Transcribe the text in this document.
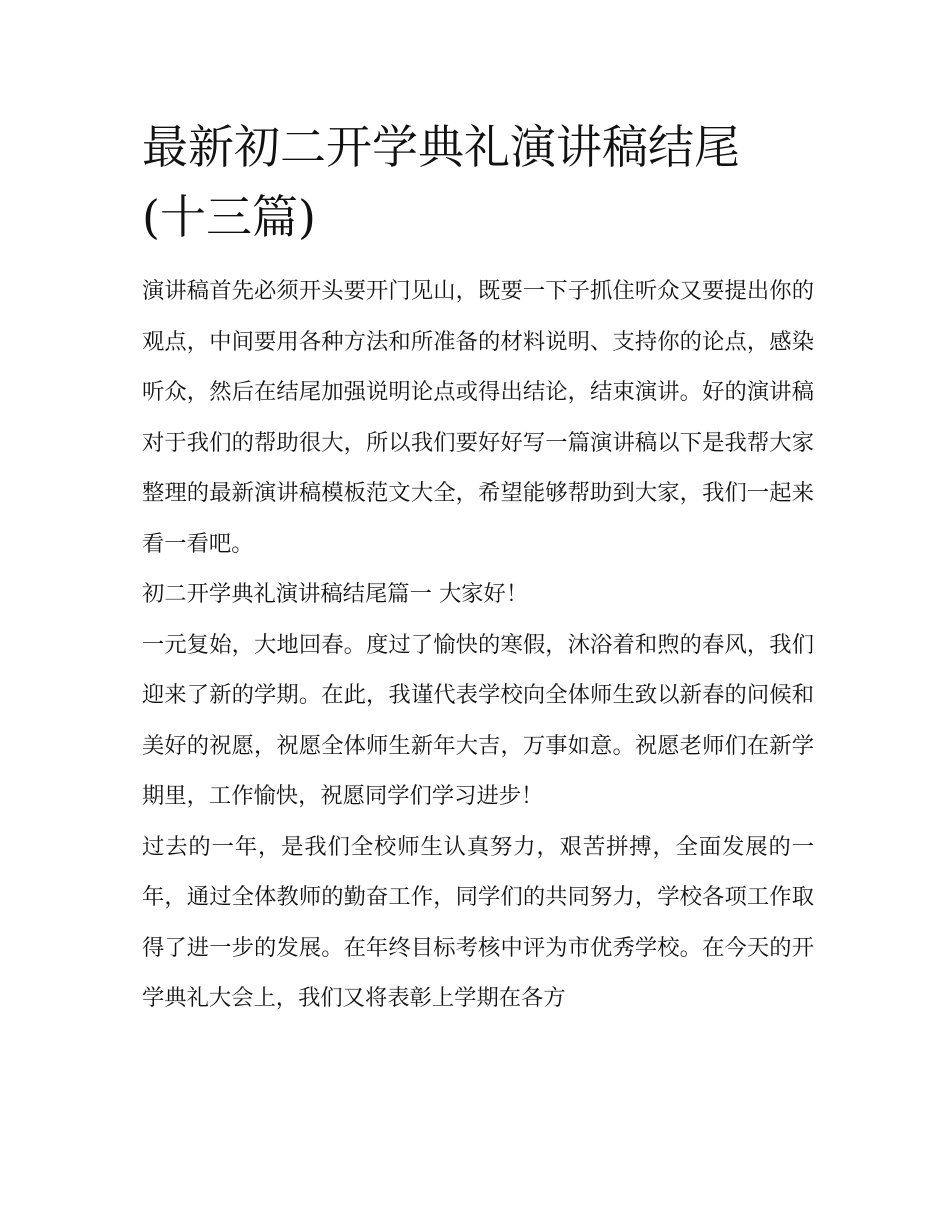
最新初二开学典礼演讲稿结尾
(十三篇)

演讲稿首先必须开头要开门见山，既要一下子抓住听众又要提出你的观点，中间要用各种方法和所准备的材料说明、支持你的论点，感染听众，然后在结尾加强说明论点或得出结论，结束演讲。好的演讲稿对于我们的帮助很大，所以我们要好好写一篇演讲稿以下是我帮大家整理的最新演讲稿模板范文大全，希望能够帮助到大家，我们一起来看一看吧。

初二开学典礼演讲稿结尾篇一 大家好！

一元复始，大地回春。度过了愉快的寒假，沐浴着和煦的春风，我们迎来了新的学期。在此，我谨代表学校向全体师生致以新春的问候和美好的祝愿，祝愿全体师生新年大吉，万事如意。祝愿老师们在新学期里，工作愉快，祝愿同学们学习进步！

过去的一年，是我们全校师生认真努力，艰苦拼搏，全面发展的一年，通过全体教师的勤奋工作，同学们的共同努力，学校各项工作取得了进一步的发展。在年终目标考核中评为市优秀学校。在今天的开学典礼大会上，我们又将表彰上学期在各方
